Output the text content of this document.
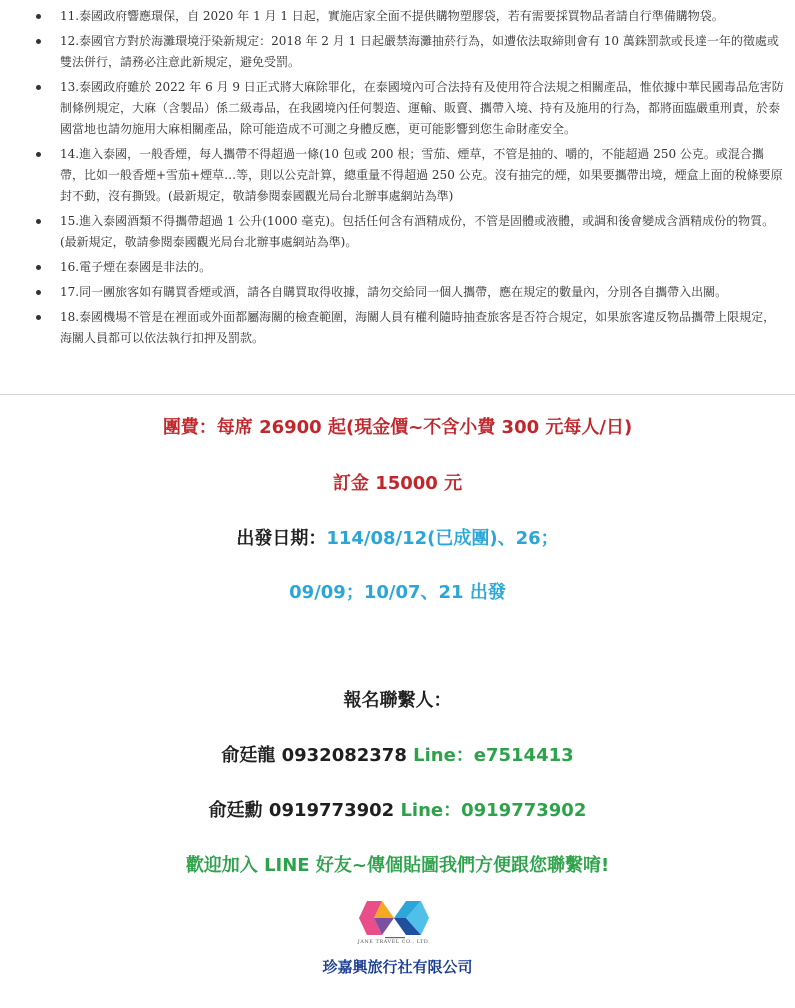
11.泰國政府響應環保，自 2020 年 1 月 1 日起，實施店家全面不提供購物塑膠袋，若有需要採買物品者請自行準備購物袋。
12.泰國官方對於海灘環境汙染新規定：2018 年 2 月 1 日起嚴禁海灘抽菸行為，如遭依法取締則會有 10 萬銖罰款或長達一年的徵處或雙法併行，請務必注意此新規定，避免受罰。
13.泰國政府雖於 2022 年 6 月 9 日正式將大麻除罪化，在泰國境內可合法持有及使用符合法規之相關產品，惟依據中華民國毒品危害防制條例規定，大麻（含製品）係二級毒品，在我國境內任何製造、運輸、販賣、攜帶入境、持有及施用的行為，都將面臨嚴重刑責，於泰國當地也請勿施用大麻相關產品，除可能造成不可測之身體反應，更可能影響到您生命財產安全。
14.進入泰國，一般香煙，每人攜帶不得超過一條(10 包或 200 根；雪茄、煙草，不管是抽的、嚼的，不能超過 250 公克。或混合攜帶，比如一般香煙+雪茄+煙草…等，則以公克計算，總重量不得超過 250 公克。沒有抽完的煙，如果要攜帶出境，煙盒上面的稅條要原封不動，沒有撕毀。(最新規定，敬請參閱泰國觀光局台北辦事處網站為準)
15.進入泰國酒類不得攜帶超過 1 公升(1000 毫克)。包括任何含有酒精成份，不管是固體或液體，或調和後會變成含酒精成份的物質。(最新規定，敬請參閱泰國觀光局台北辦事處網站為準)。
16.電子煙在泰國是非法的。
17.同一團旅客如有購買香煙或酒，請各自購買取得收據，請勿交給同一個人攜帶，應在規定的數量內，分別各自攜帶入出關。
18.泰國機場不管是在裡面或外面都屬海關的檢查範圍，海關人員有權利隨時抽查旅客是否符合規定，如果旅客違反物品攜帶上限規定，海關人員都可以依法執行扣押及罰款。
團費：每席 26900 起(現金價~不含小費 300 元每人/日)
訂金 15000 元
出發日期：114/08/12(已成團)、26；
09/09；10/07、21 出發
報名聯繫人：
俞廷龍 0932082378 Line：e7514413
俞廷勳 0919773902 Line：0919773902
歡迎加入 LINE 好友~傳個貼圖我們方便跟您聯繫唷!
JANE TRAVEL CO., LTD.
珍嘉興旅行社有限公司
